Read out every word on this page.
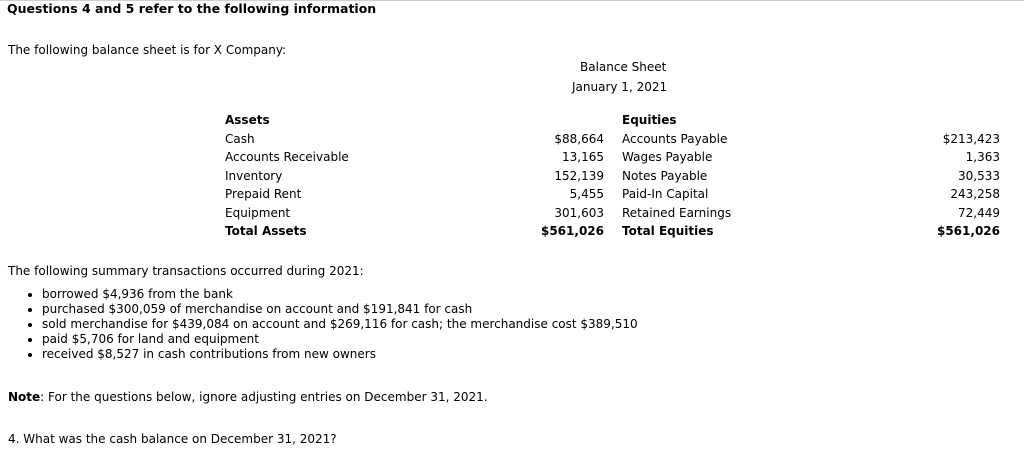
Questions 4 and 5 refer to the following information
The following balance sheet is for X Company:
Balance Sheet
January 1, 2021
Assets
Cash
Accounts Receivable
Inventory
Prepaid Rent
Equipment
Total Assets

$88,664
13,165
152,139
5,455
301,603
$561,026
Equities
Accounts Payable
Wages Payable
Notes Payable
Paid-In Capital
Retained Earnings
Total Equities

$213,423
1,363
30,533
243,258
72,449
$561,026
The following summary transactions occurred during 2021:
• borrowed $4,936 from the bank
• purchased $300,059 of merchandise on account and $191,841 for cash
• sold merchandise for $439,084 on account and $269,116 for cash; the merchandise cost $389,510
• paid $5,706 for land and equipment
• received $8,527 in cash contributions from new owners
Note: For the questions below, ignore adjusting entries on December 31, 2021.
4. What was the cash balance on December 31, 2021?
